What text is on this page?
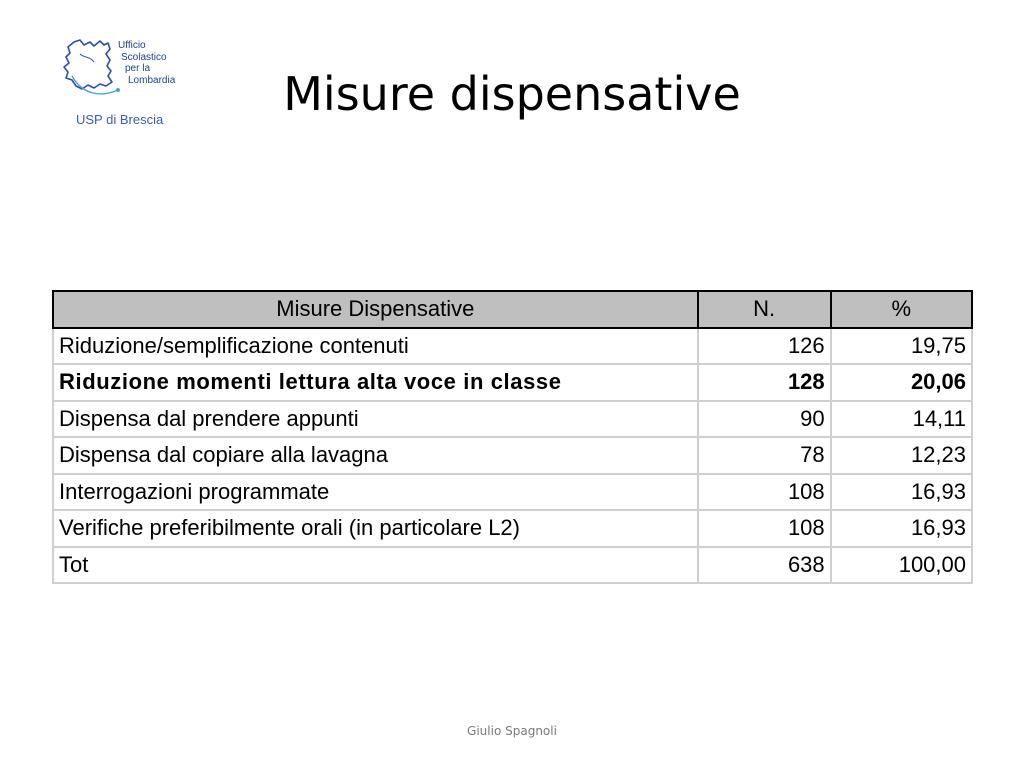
Ufficio
Scolastico
per la
Lombardia
USP di Brescia	Misure dispensative
Misure Dispensative	N.	%
Riduzione/semplificazione contenuti	126	19,75
Riduzione momenti lettura alta voce in classe	128	20,06
Dispensa dal prendere appunti	90	14,11
Dispensa dal copiare alla lavagna	78	12,23
Interrogazioni programmate	108	16,93
Verifiche preferibilmente orali (in particolare L2)	108	16,93
Tot	638	100,00
Giulio Spagnoli
